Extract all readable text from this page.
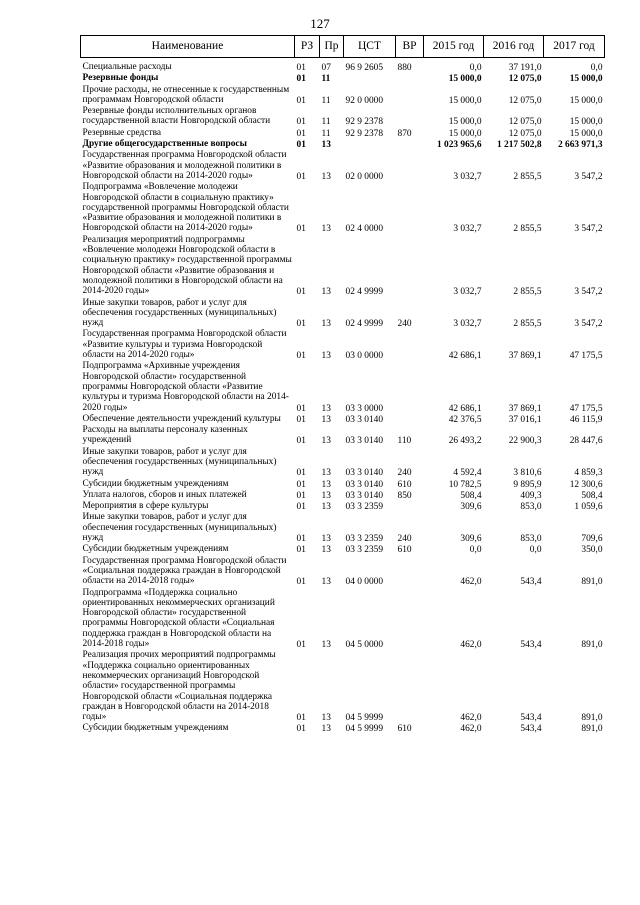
127
Наименование	РЗ	Пр	ЦСТ	ВР	2015 год	2016 год	2017 год
Специальные расходы	01	07	96 9 2605	880	0,0	37 191,0	0,0
Резервные фонды	01	11			15 000,0	12 075,0	15 000,0
Прочие расходы, не отнесенные к государственным программам Новгородской области	01	11	92 0 0000		15 000,0	12 075,0	15 000,0
Резервные фонды исполнительных органов государственной власти Новгородской области	01	11	92 9 2378		15 000,0	12 075,0	15 000,0
Резервные средства	01	11	92 9 2378	870	15 000,0	12 075,0	15 000,0
Другие общегосударственные вопросы	01	13			1 023 965,6	1 217 502,8	2 663 971,3
Государственная программа Новгородской области «Развитие образования и молодежной политики в Новгородской области на 2014-2020 годы»	01	13	02 0 0000		3 032,7	2 855,5	3 547,2
Подпрограмма «Вовлечение молодежи Новгородской области в социальную практику» государственной программы Новгородской области «Развитие образования и молодежной политики в Новгородской области на 2014-2020 годы»	01	13	02 4 0000		3 032,7	2 855,5	3 547,2
Реализация мероприятий подпрограммы «Вовлечение молодежи Новгородской области в социальную практику» государственной программы Новгородской области «Развитие образования и молодежной политики в Новгородской области на 2014-2020 годы»	01	13	02 4 9999		3 032,7	2 855,5	3 547,2
Иные закупки товаров, работ и услуг для обеспечения государственных (муниципальных) нужд	01	13	02 4 9999	240	3 032,7	2 855,5	3 547,2
Государственная программа Новгородской области «Развитие культуры и туризма Новгородской области на 2014-2020 годы»	01	13	03 0 0000		42 686,1	37 869,1	47 175,5
Подпрограмма «Архивные учреждения Новгородской области» государственной программы Новгородской области «Развитие культуры и туризма Новгородской области на 2014-2020 годы»	01	13	03 3 0000		42 686,1	37 869,1	47 175,5
Обеспечение деятельности учреждений культуры	01	13	03 3 0140		42 376,5	37 016,1	46 115,9
Расходы на выплаты персоналу казенных учреждений	01	13	03 3 0140	110	26 493,2	22 900,3	28 447,6
Иные закупки товаров, работ и услуг для обеспечения государственных (муниципальных) нужд	01	13	03 3 0140	240	4 592,4	3 810,6	4 859,3
Субсидии бюджетным учреждениям	01	13	03 3 0140	610	10 782,5	9 895,9	12 300,6
Уплата налогов, сборов и иных платежей	01	13	03 3 0140	850	508,4	409,3	508,4
Мероприятия в сфере культуры	01	13	03 3 2359		309,6	853,0	1 059,6
Иные закупки товаров, работ и услуг для обеспечения государственных (муниципальных) нужд	01	13	03 3 2359	240	309,6	853,0	709,6
Субсидии бюджетным учреждениям	01	13	03 3 2359	610	0,0	0,0	350,0
Государственная программа Новгородской области «Социальная поддержка граждан в Новгородской области на 2014-2018 годы»	01	13	04 0 0000		462,0	543,4	891,0
Подпрограмма «Поддержка социально ориентированных некоммерческих организаций Новгородской области» государственной программы Новгородской области «Социальная поддержка граждан в Новгородской области на 2014-2018 годы»	01	13	04 5 0000		462,0	543,4	891,0
Реализация прочих мероприятий подпрограммы «Поддержка социально ориентированных некоммерческих организаций Новгородской области» государственной программы Новгородской области «Социальная поддержка граждан в Новгородской области на 2014-2018 годы»	01	13	04 5 9999		462,0	543,4	891,0
Субсидии бюджетным учреждениям	01	13	04 5 9999	610	462,0	543,4	891,0
